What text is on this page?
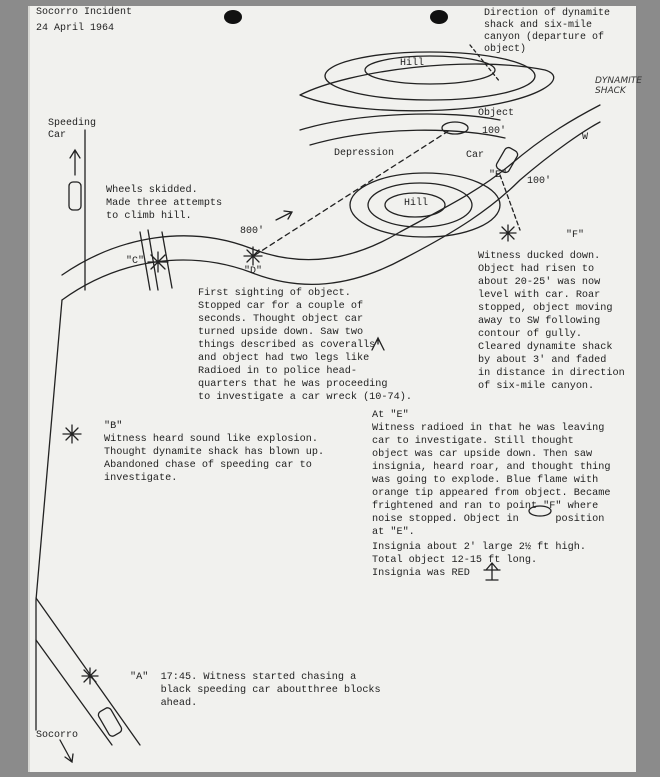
Socorro Incident
24 April 1964
Direction of dynamite
shack and six-mile
canyon (departure of
object)
Hill
DYNAMITE
SHACK
Object
100'
W
Depression	Car
100'
"E"
Hill
Speeding
Car
800'
"C"
"D"
"F"
Socorro
Wheels skidded.
Made three attempts
to climb hill.
Witness ducked down.
Object had risen to
about 20-25' was now
level with car. Roar
stopped, object moving
away to SW following
contour of gully.
Cleared dynamite shack
by about 3' and faded
in distance in direction
of six-mile canyon.
First sighting of object.
Stopped car for a couple of
seconds. Thought object car
turned upside down. Saw two
things described as coveralls
and object had two legs like
Radioed in to police head-
quarters that he was proceeding
to investigate a car wreck (10-74).
"B"
Witness heard sound like explosion.
Thought dynamite shack has blown up.
Abandoned chase of speeding car to
investigate.
At "E"
Witness radioed in that he was leaving
car to investigate. Still thought
object was car upside down. Then saw
insignia, heard roar, and thought thing
was going to explode. Blue flame with
orange tip appeared from object. Became
frightened and ran to point "F" where
noise stopped. Object in      position
at "E".
Insignia about 2' large 2½ ft high.
Total object 12-15 ft long.
Insignia was RED
"A"  17:45. Witness started chasing a
black speeding car aboutthree blocks
ahead.
